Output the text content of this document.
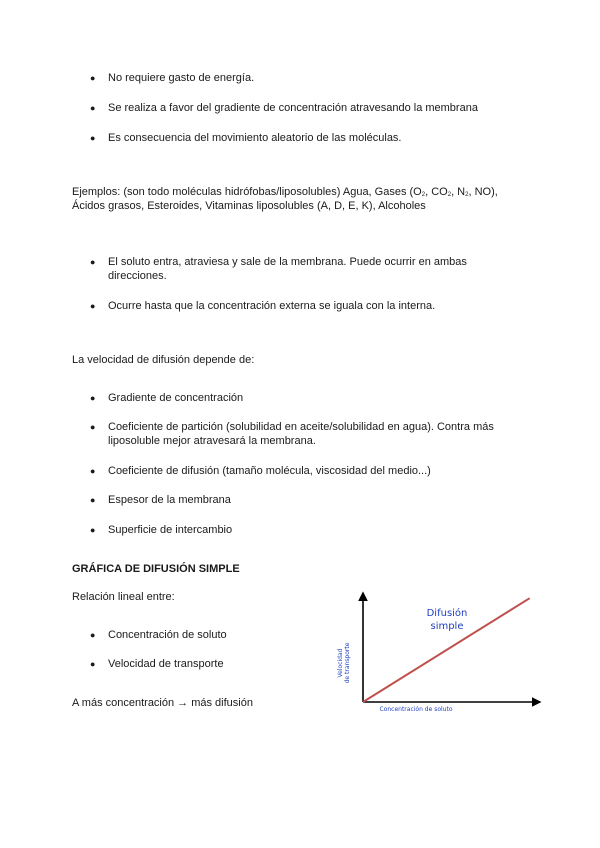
● No requiere gasto de energía.
● Se realiza a favor del gradiente de concentración atravesando la membrana
● Es consecuencia del movimiento aleatorio de las moléculas.
Ejemplos: (son todo moléculas hidrófobas/liposolubles) Agua, Gases ($O_2$, $CO_2$, $N_2$, NO),
Ácidos grasos, Esteroides, Vitaminas liposolubles (A, D, E, K), Alcoholes
● El soluto entra, atraviesa y sale de la membrana. Puede ocurrir en ambas
direcciones.
● Ocurre hasta que la concentración externa se iguala con la interna.
La velocidad de difusión depende de:
● Gradiente de concentración
● Coeficiente de partición (solubilidad en aceite/solubilidad en agua). Contra más
liposoluble mejor atravesará la membrana.
● Coeficiente de difusión (tamaño molécula, viscosidad del medio...)
● Espesor de la membrana
● Superficie de intercambio
GRÁFICA DE DIFUSIÓN SIMPLE
Relación lineal entre:
● Concentración de soluto
● Velocidad de transporte
A más concentración → más difusión
Difusión
simple
Concentración de soluto
Velocidad de transporte
